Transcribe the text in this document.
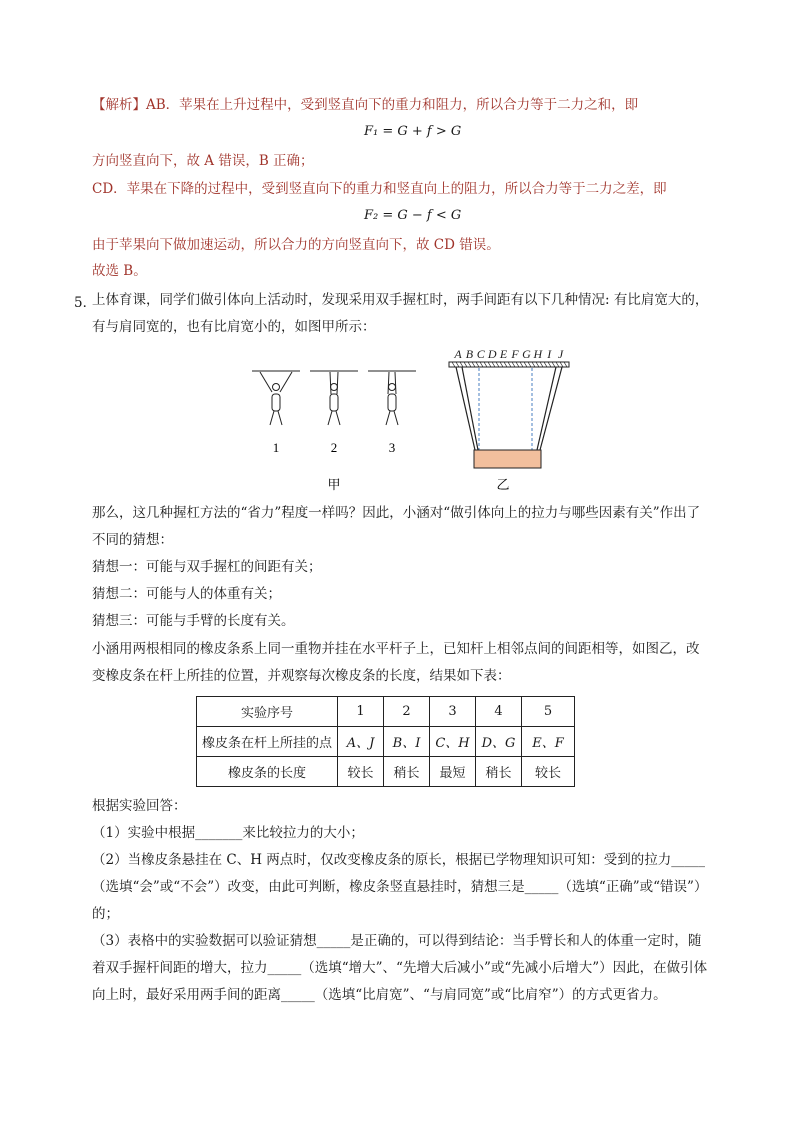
【解析】AB．苹果在上升过程中，受到竖直向下的重力和阻力，所以合力等于二力之和，即
F₁ = G + f > G
方向竖直向下，故 A 错误，B 正确；
CD．苹果在下降的过程中，受到竖直向下的重力和竖直向上的阻力，所以合力等于二力之差，即
F₂ = G − f < G
由于苹果向下做加速运动，所以合力的方向竖直向下，故 CD 错误。
故选 B。
5．
上体育课，同学们做引体向上活动时，发现采用双手握杠时，两手间距有以下几种情况: 有比肩宽大的，
有与肩同宽的，也有比肩宽小的，如图甲所示：
1	2	3
甲
A B C D E F G H I J
乙
那么，这几种握杠方法的“省力”程度一样吗？因此，小涵对“做引体向上的拉力与哪些因素有关”作出了
不同的猜想：
猜想一：可能与双手握杠的间距有关；
猜想二：可能与人的体重有关；
猜想三：可能与手臂的长度有关。
小涵用两根相同的橡皮条系上同一重物并挂在水平杆子上，已知杆上相邻点间的间距相等，如图乙，改
变橡皮条在杆上所挂的位置，并观察每次橡皮条的长度，结果如下表：
实验序号	1	2	3	4	5
橡皮条在杆上所挂的点	A、J	B、I	C、H	D、G	E、F
橡皮条的长度	较长	稍长	最短	稍长	较长
根据实验回答：
（1）实验中根据_______来比较拉力的大小；
（2）当橡皮条悬挂在 C、H 两点时，仅改变橡皮条的原长，根据已学物理知识可知：受到的拉力_____
（选填“会”或“不会”）改变，由此可判断，橡皮条竖直悬挂时，猜想三是_____（选填“正确”或“错误”）
的；
（3）表格中的实验数据可以验证猜想_____是正确的，可以得到结论：当手臂长和人的体重一定时，随
着双手握杆间距的增大，拉力_____（选填“增大”、“先增大后减小”或“先减小后增大”）因此，在做引体
向上时，最好采用两手间的距离_____（选填“比肩宽”、“与肩同宽”或“比肩窄”）的方式更省力。
